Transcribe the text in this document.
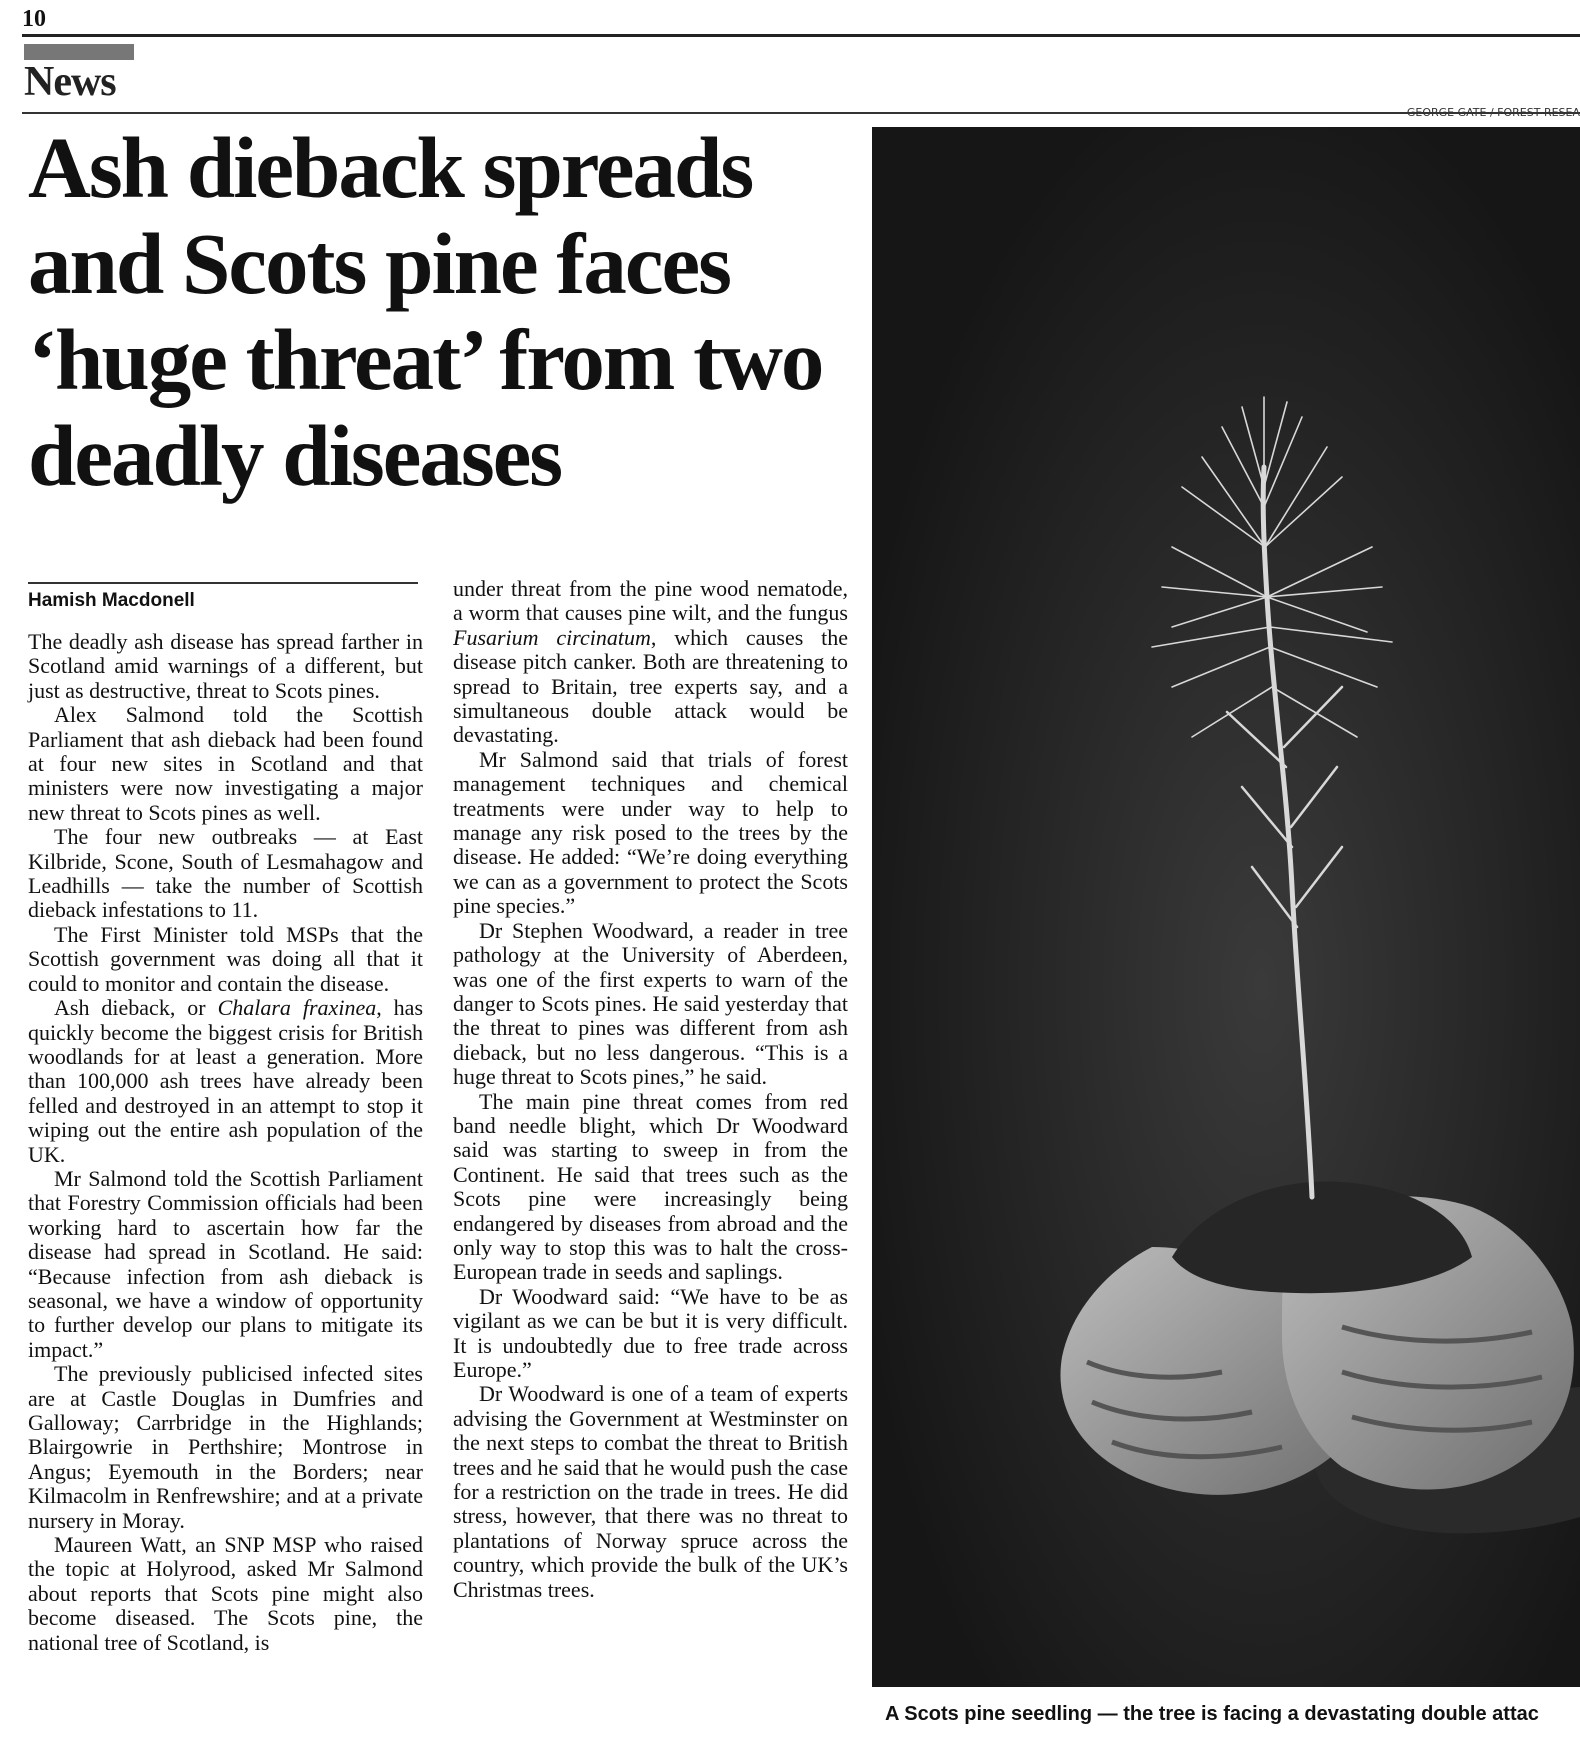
10
News
GEORGE GATE / FOREST RESEA
Ash dieback spreads and Scots pine faces ‘huge threat’ from two deadly diseases
Hamish Macdonell

The deadly ash disease has spread farther in Scotland amid warnings of a different, but just as destructive, threat to Scots pines.

Alex Salmond told the Scottish Parliament that ash dieback had been found at four new sites in Scotland and that ministers were now investigating a major new threat to Scots pines as well.

The four new outbreaks — at East Kilbride, Scone, South of Lesmahagow and Leadhills — take the number of Scottish dieback infestations to 11.

The First Minister told MSPs that the Scottish government was doing all that it could to monitor and contain the disease.

Ash dieback, or Chalara fraxinea, has quickly become the biggest crisis for British woodlands for at least a generation. More than 100,000 ash trees have already been felled and destroyed in an attempt to stop it wiping out the entire ash population of the UK.

Mr Salmond told the Scottish Parliament that Forestry Commission officials had been working hard to ascertain how far the disease had spread in Scotland. He said: “Because infection from ash dieback is seasonal, we have a window of opportunity to further develop our plans to mitigate its impact.”

The previously publicised infected sites are at Castle Douglas in Dumfries and Galloway; Carrbridge in the Highlands; Blairgowrie in Perthshire; Montrose in Angus; Eyemouth in the Borders; near Kilmacolm in Renfrewshire; and at a private nursery in Moray.

Maureen Watt, an SNP MSP who raised the topic at Holyrood, asked Mr Salmond about reports that Scots pine might also become diseased. The Scots pine, the national tree of Scotland, is

under threat from the pine wood nematode, a worm that causes pine wilt, and the fungus Fusarium circinatum, which causes the disease pitch canker. Both are threatening to spread to Britain, tree experts say, and a simultaneous double attack would be devastating.

Mr Salmond said that trials of forest management techniques and chemical treatments were under way to help to manage any risk posed to the trees by the disease. He added: “We’re doing everything we can as a government to protect the Scots pine species.”

Dr Stephen Woodward, a reader in tree pathology at the University of Aberdeen, was one of the first experts to warn of the danger to Scots pines. He said yesterday that the threat to pines was different from ash dieback, but no less dangerous. “This is a huge threat to Scots pines,” he said.

The main pine threat comes from red band needle blight, which Dr Woodward said was starting to sweep in from the Continent. He said that trees such as the Scots pine were increasingly being endangered by diseases from abroad and the only way to stop this was to halt the cross-European trade in seeds and saplings.

Dr Woodward said: “We have to be as vigilant as we can be but it is very difficult. It is undoubtedly due to free trade across Europe.”

Dr Woodward is one of a team of experts advising the Government at Westminster on the next steps to combat the threat to British trees and he said that he would push the case for a restriction on the trade in trees. He did stress, however, that there was no threat to plantations of Norway spruce across the country, which provide the bulk of the UK’s Christmas trees.

A Scots pine seedling — the tree is facing a devastating double attac
